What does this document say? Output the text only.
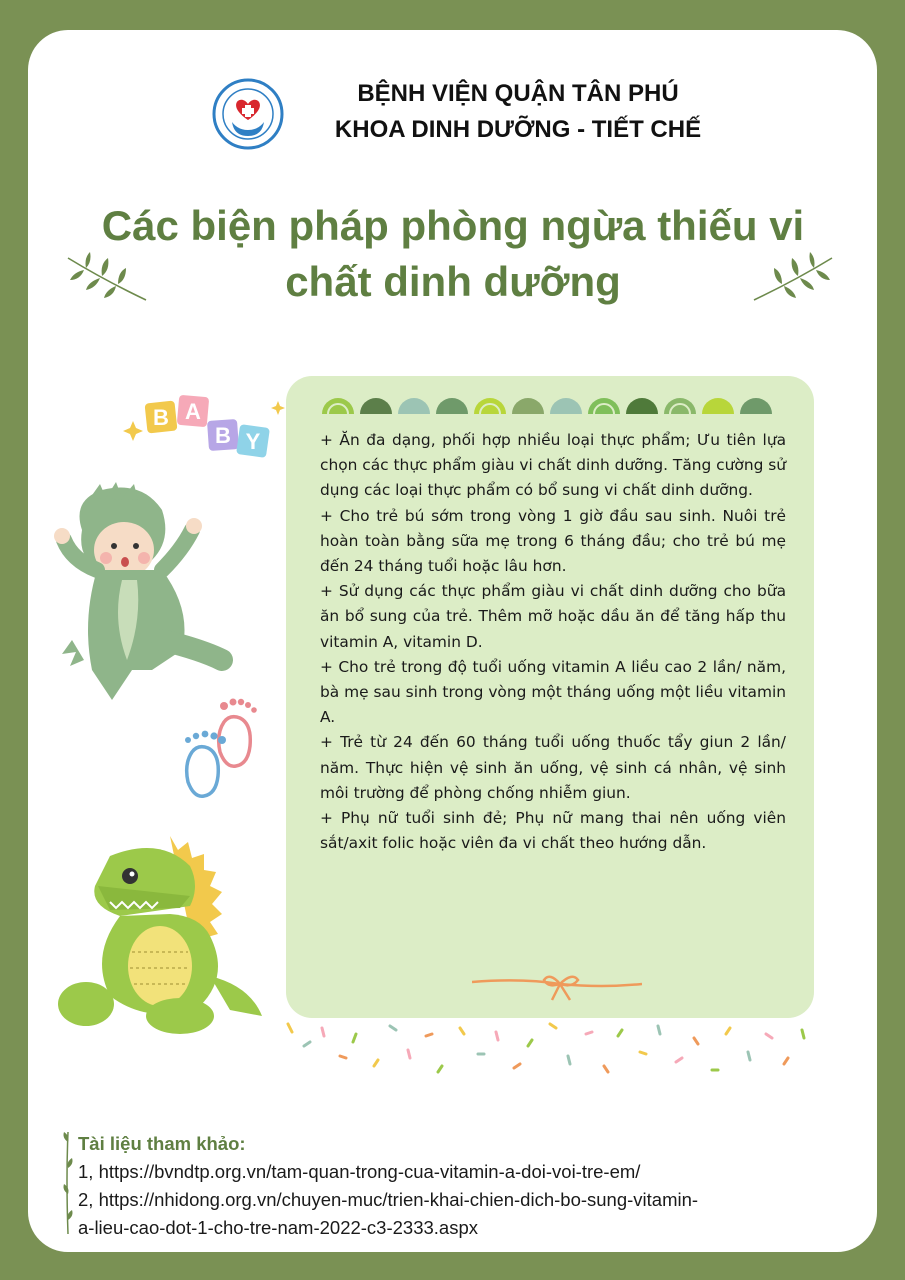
BỆNH VIỆN QUẬN TÂN PHÚ
KHOA DINH DƯỠNG - TIẾT CHẾ
Các biện pháp phòng ngừa thiếu vi
chất dinh dưỡng
B A
B Y	+ Ăn đa dạng, phối hợp nhiều loại thực phẩm; Ưu tiên lựa chọn các thực phẩm giàu vi chất dinh dưỡng. Tăng cường sử dụng các loại thực phẩm có bổ sung vi chất dinh dưỡng.

+ Cho trẻ bú sớm trong vòng 1 giờ đầu sau sinh. Nuôi trẻ hoàn toàn bằng sữa mẹ trong 6 tháng đầu; cho trẻ bú mẹ đến 24 tháng tuổi hoặc lâu hơn.

+ Sử dụng các thực phẩm giàu vi chất dinh dưỡng cho bữa ăn bổ sung của trẻ. Thêm mỡ hoặc dầu ăn để tăng hấp thu vitamin A, vitamin D.

+ Cho trẻ trong độ tuổi uống vitamin A liều cao 2 lần/ năm, bà mẹ sau sinh trong vòng một tháng uống một liều vitamin A.

+ Trẻ từ 24 đến 60 tháng tuổi uống thuốc tẩy giun 2 lần/ năm. Thực hiện vệ sinh ăn uống, vệ sinh cá nhân, vệ sinh môi trường để phòng chống nhiễm giun.

+ Phụ nữ tuổi sinh đẻ; Phụ nữ mang thai nên uống viên sắt/axit folic hoặc viên đa vi chất theo hướng dẫn.

Tài liệu tham khảo:
1, https://bvndtp.org.vn/tam-quan-trong-cua-vitamin-a-doi-voi-tre-em/
2, https://nhidong.org.vn/chuyen-muc/trien-khai-chien-dich-bo-sung-vitamin-
a-lieu-cao-dot-1-cho-tre-nam-2022-c3-2333.aspx
